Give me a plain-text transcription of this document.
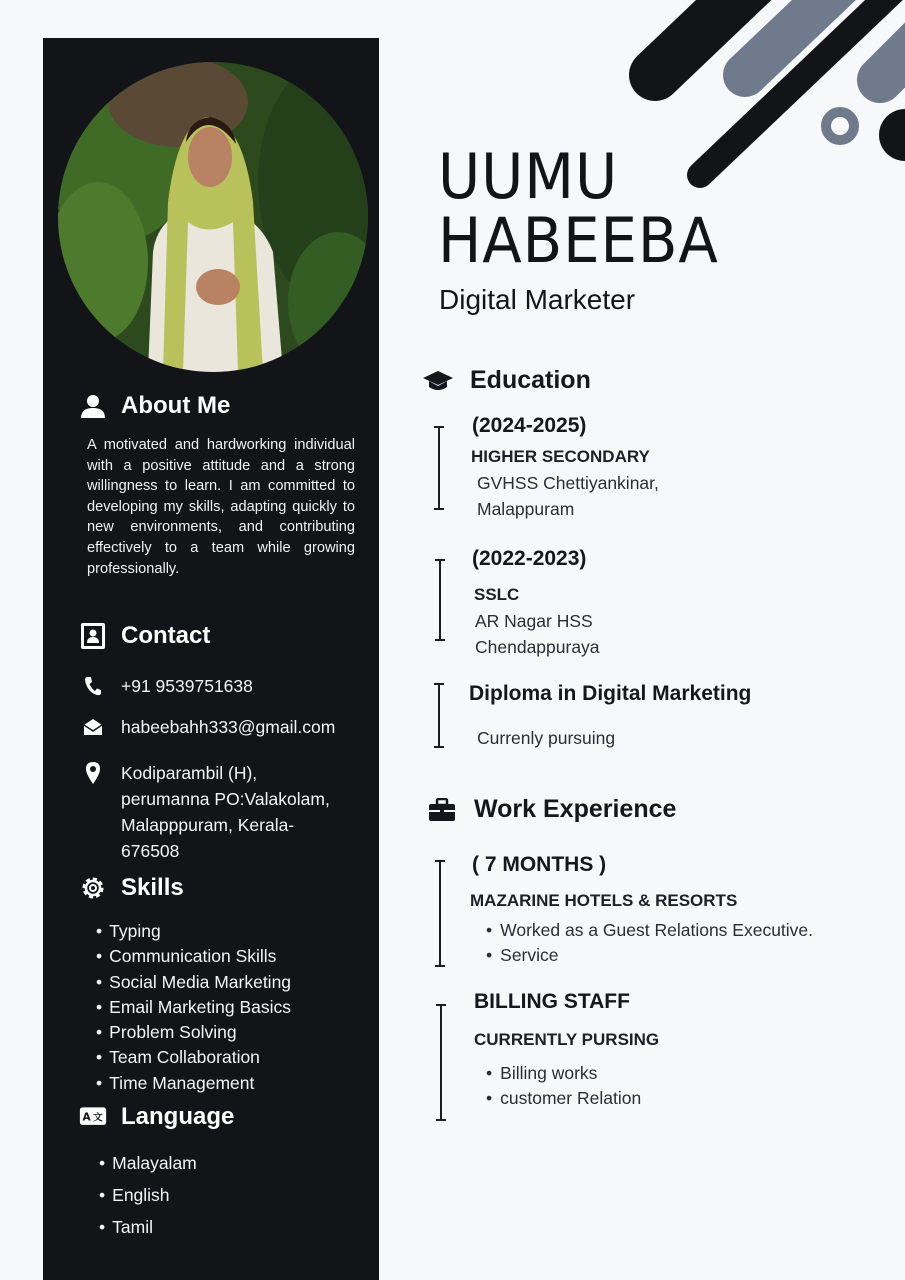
About Me

A motivated and hardworking individual with a positive attitude and a strong willingness to learn. I am committed to developing my skills, adapting quickly to new environments, and contributing effectively to a team while growing professionally.

Contact
+91 9539751638
habeebahh333@gmail.com
Kodiparambil (H),
perumanna PO:Valakolam,
Malapppuram, Kerala-
676508
Skills
• Typing
• Communication Skills
• Social Media Marketing
• Email Marketing Basics
• Problem Solving
• Team Collaboration
• Time Management
A 文 Language
• Malayalam
• English
• Tamil
UUMU
HABEEBA
Digital Marketer
Education
(2024-2025)
HIGHER SECONDARY
GVHSS Chettiyankinar,
Malappuram
(2022-2023)
SSLC
AR Nagar HSS
Chendappuraya
Diploma in Digital Marketing
Currenly pursuing
Work Experience
( 7 MONTHS )
MAZARINE HOTELS & RESORTS
• Worked as a Guest Relations Executive.
• Service
BILLING STAFF
CURRENTLY PURSING
• Billing works
• customer Relation
